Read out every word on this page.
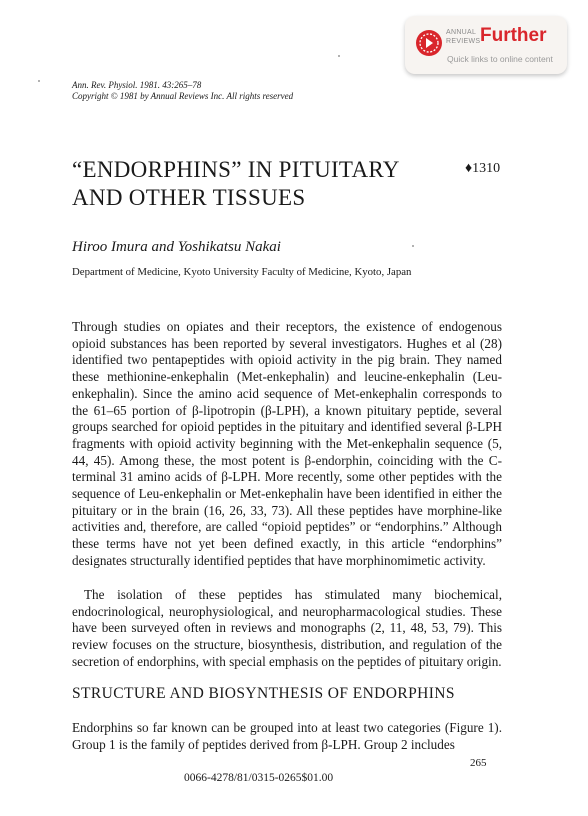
ANNUAL
REVIEWS Further
Quick links to online content
Ann. Rev. Physiol. 1981. 43:265–78
Copyright © 1981 by Annual Reviews Inc. All rights reserved
“ENDORPHINS” IN PITUITARY
AND OTHER TISSUES
♦1310
Hiroo Imura and Yoshikatsu Nakai
Department of Medicine, Kyoto University Faculty of Medicine, Kyoto, Japan

Through studies on opiates and their receptors, the existence of endogenous opioid substances has been reported by several investigators. Hughes et al (28) identified two pentapeptides with opioid activity in the pig brain. They named these methionine-enkephalin (Met-enkephalin) and leucine-enkephalin (Leu-enkephalin). Since the amino acid sequence of Met-enkephalin corresponds to the 61–65 portion of β-lipotropin (β-LPH), a known pituitary peptide, several groups searched for opioid peptides in the pituitary and identified several β-LPH fragments with opioid activity beginning with the Met-enkephalin sequence (5, 44, 45). Among these, the most potent is β-endorphin, coinciding with the C-terminal 31 amino acids of β-LPH. More recently, some other peptides with the sequence of Leu-enkephalin or Met-enkephalin have been identified in either the pituitary or in the brain (16, 26, 33, 73). All these peptides have morphine-like activities and, therefore, are called “opioid peptides” or “endorphins.” Although these terms have not yet been defined exactly, in this article “endorphins” designates structurally identified peptides that have morphinomimetic activity.

The isolation of these peptides has stimulated many biochemical, endocrinological, neurophysiological, and neuropharmacological studies. These have been surveyed often in reviews and monographs (2, 11, 48, 53, 79). This review focuses on the structure, biosynthesis, distribution, and regulation of the secretion of endorphins, with special emphasis on the peptides of pituitary origin.

STRUCTURE AND BIOSYNTHESIS OF ENDORPHINS

Endorphins so far known can be grouped into at least two categories (Figure 1). Group 1 is the family of peptides derived from β-LPH. Group 2 includes

265
0066-4278/81/0315-0265$01.00
